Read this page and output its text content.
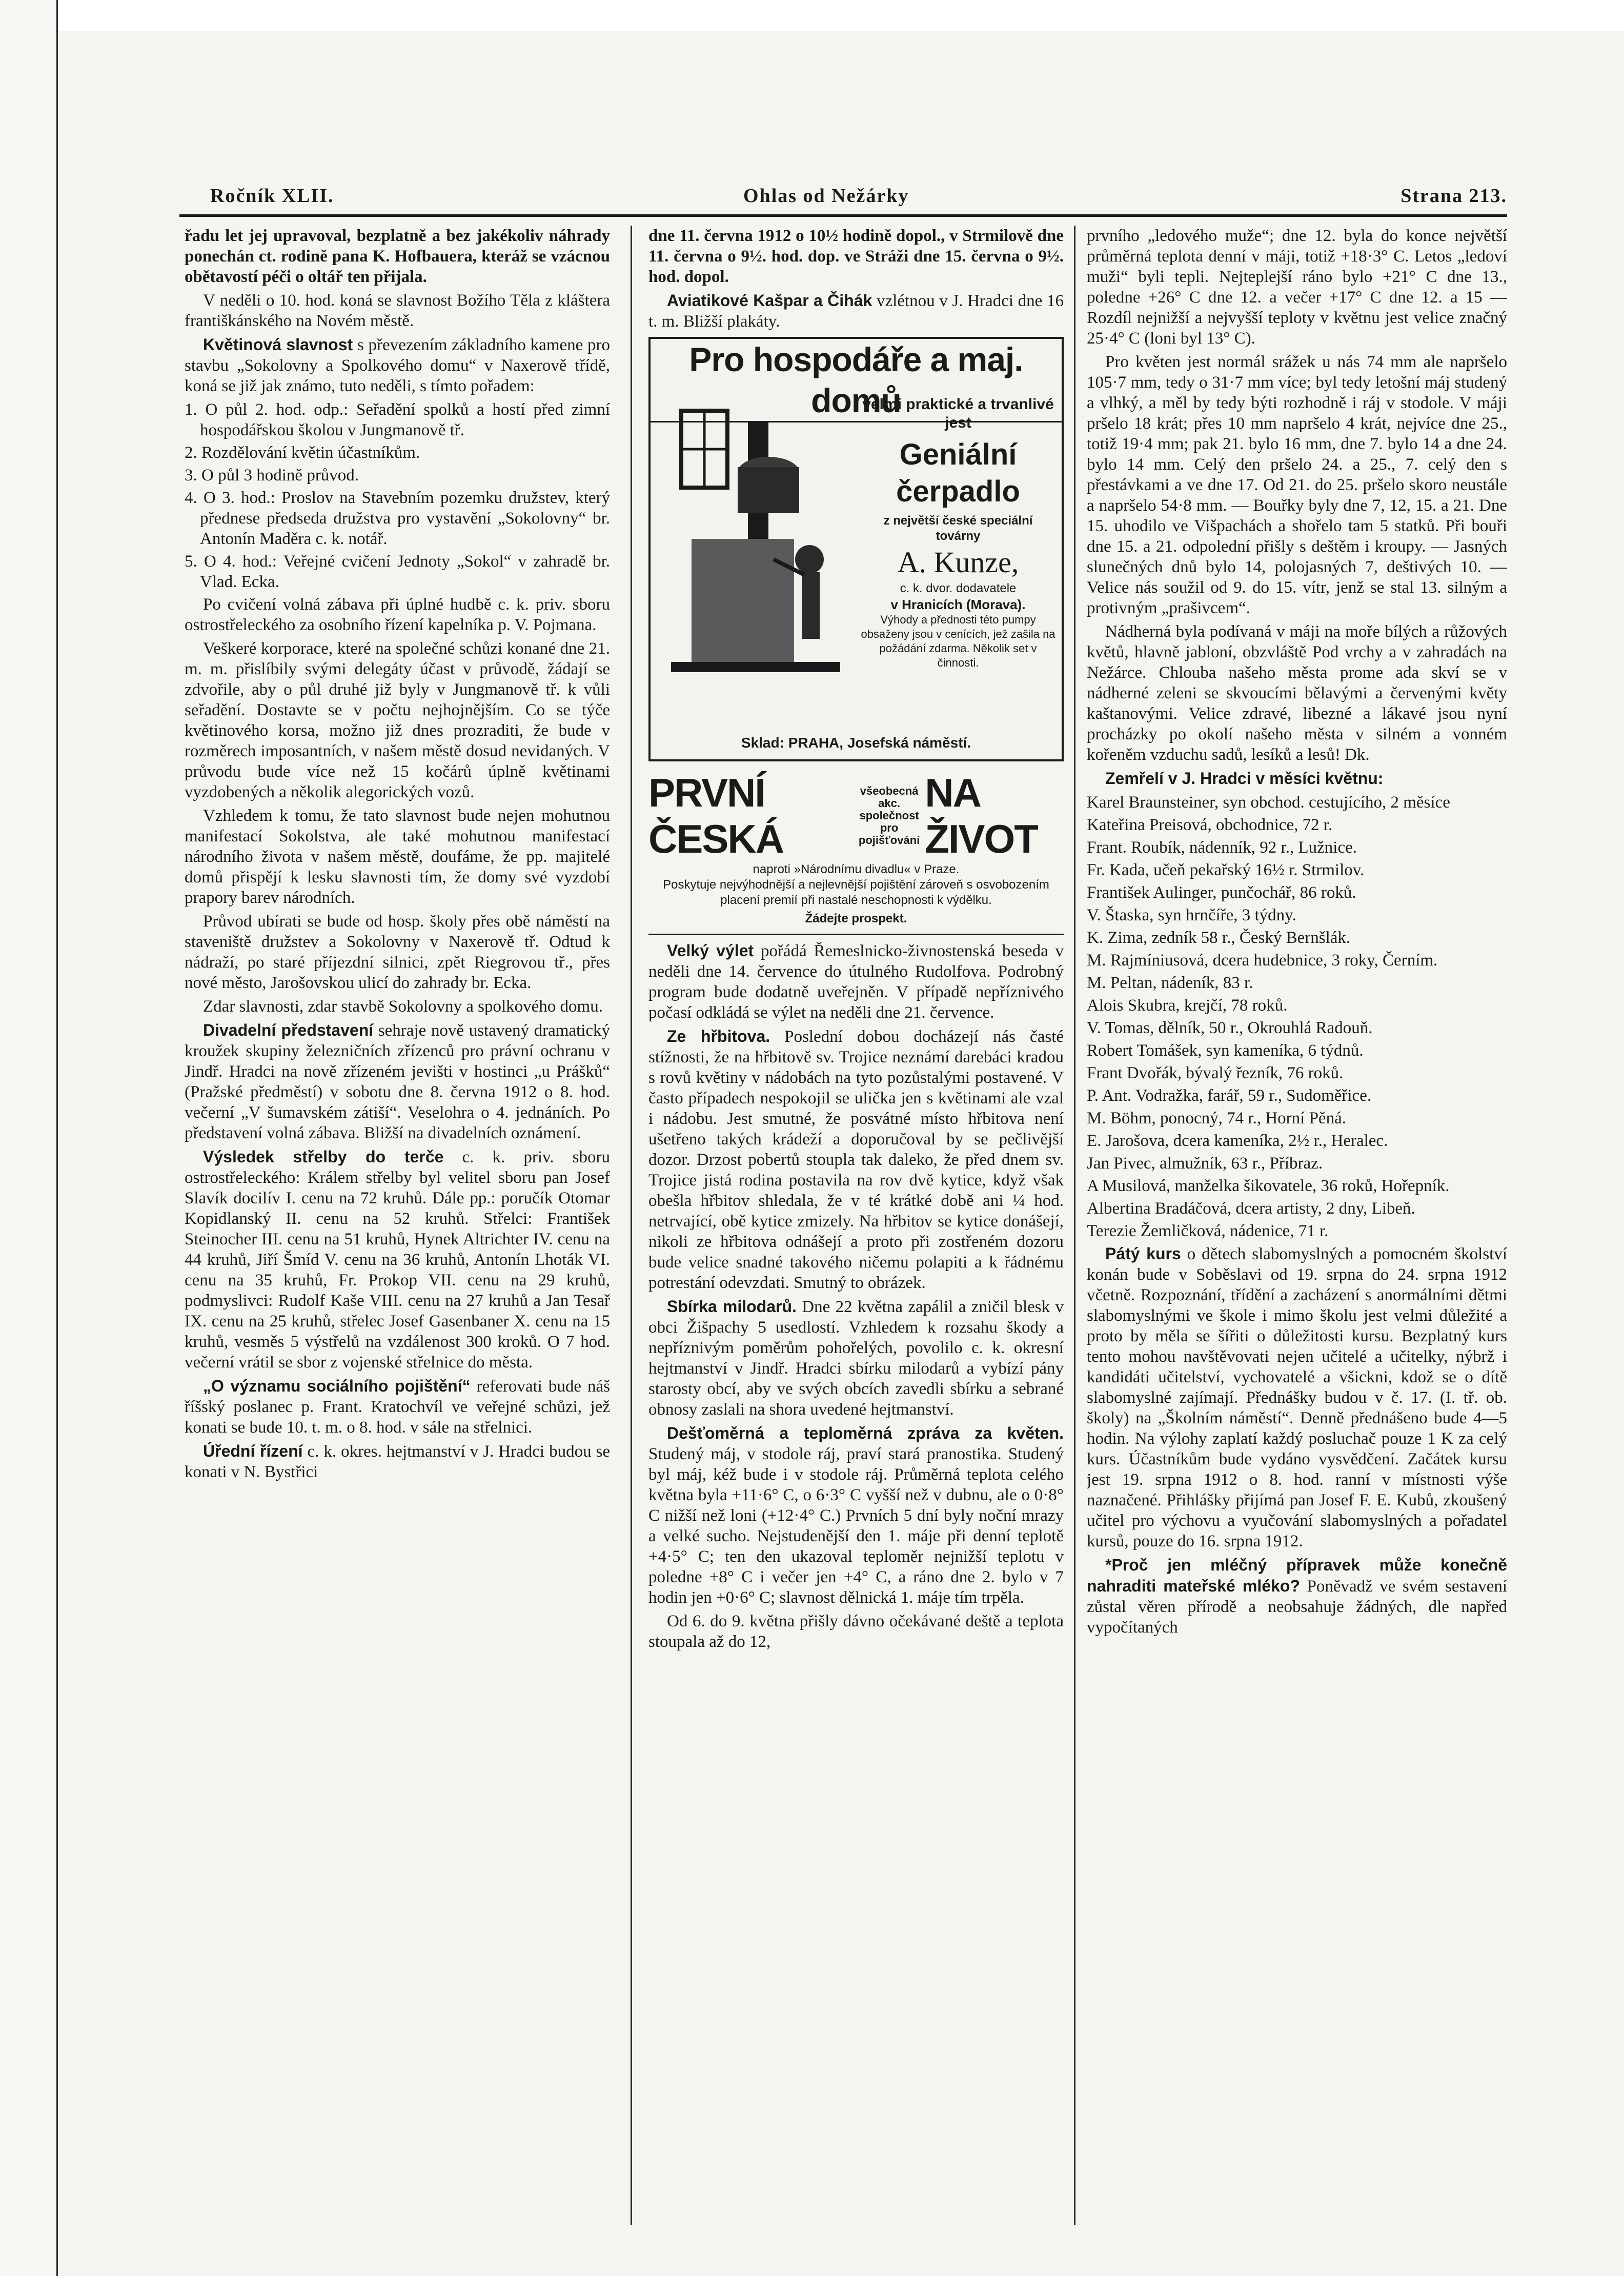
Ročník XLII.	Ohlas od Nežárky	Strana 213.

řadu let jej upravoval, bezplatně a bez jakékoliv náhrady ponechán ct. rodině pana K. Hofbauera, kteráž se vzácnou obětavostí péči o oltář ten přijala.

V neděli o 10. hod. koná se slavnost Božího Těla z kláštera františkánského na Novém městě.

Květinová slavnost s převezením základního kamene pro stavbu „Sokolovny a Spolkového domu“ v Naxerově třídě, koná se již jak známo, tuto neděli, s tímto pořadem:

1. O půl 2. hod. odp.: Seřadění spolků a hostí před zimní hospodářskou školou v Jungmanově tř.
2. Rozdělování květin účastníkům.
3. O půl 3 hodině průvod.
4. O 3. hod.: Proslov na Stavebním pozemku družstev, který přednese předseda družstva pro vystavění „Sokolovny“ br. Antonín Maděra c. k. notář.
5. O 4. hod.: Veřejné cvičení Jednoty „Sokol“ v zahradě br. Vlad. Ecka.

Po cvičení volná zábava při úplné hudbě c. k. priv. sboru ostrostřeleckého za osobního řízení kapelníka p. V. Pojmana.

Veškeré korporace, které na společné schůzi konané dne 21. m. m. přislíbily svými delegáty účast v průvodě, žádají se zdvořile, aby o půl druhé již byly v Jungmanově tř. k vůli seřadění. Dostavte se v počtu nejhojnějším. Co se týče květinového korsa, možno již dnes prozraditi, že bude v rozměrech imposantních, v našem městě dosud nevidaných. V průvodu bude více než 15 kočárů úplně květinami vyzdobených a několik alegorických vozů.

Vzhledem k tomu, že tato slavnost bude nejen mohutnou manifestací Sokolstva, ale také mohutnou manifestací národního života v našem městě, doufáme, že pp. majitelé domů přispějí k lesku slavnosti tím, že domy své vyzdobí prapory barev národních.

Průvod ubírati se bude od hosp. školy přes obě náměstí na staveniště družstev a Sokolovny v Naxerově tř. Odtud k nádraží, po staré příjezdní silnici, zpět Riegrovou tř., přes nové město, Jarošovskou ulicí do zahrady br. Ecka.

Zdar slavnosti, zdar stavbě Sokolovny a spolkového domu.

Divadelní představení sehraje nově ustavený dramatický kroužek skupiny železničních zřízenců pro právní ochranu v Jindř. Hradci na nově zřízeném jevišti v hostinci „u Prášků“ (Pražské předměstí) v sobotu dne 8. června 1912 o 8. hod. večerní „V šumavském zátiší“. Veselohra o 4. jednáních. Po představení volná zábava. Bližší na divadelních oznámení.

Výsledek střelby do terče c. k. priv. sboru ostrostřeleckého: Králem střelby byl velitel sboru pan Josef Slavík docilív I. cenu na 72 kruhů. Dále pp.: poručík Otomar Kopidlanský II. cenu na 52 kruhů. Střelci: František Steinocher III. cenu na 51 kruhů, Hynek Altrichter IV. cenu na 44 kruhů, Jiří Šmíd V. cenu na 36 kruhů, Antonín Lhoták VI. cenu na 35 kruhů, Fr. Prokop VII. cenu na 29 kruhů, podmyslivci: Rudolf Kaše VIII. cenu na 27 kruhů a Jan Tesař IX. cenu na 25 kruhů, střelec Josef Gasenbaner X. cenu na 15 kruhů, vesměs 5 výstřelů na vzdálenost 300 kroků. O 7 hod. večerní vrátil se sbor z vojenské střelnice do města.

„O významu sociálního pojištění“ referovati bude náš říšský poslanec p. Frant. Kratochvíl ve veřejné schůzi, jež konati se bude 10. t. m. o 8. hod. v sále na střelnici.

Úřední řízení c. k. okres. hejtmanství v J. Hradci budou se konati v N. Bystřici

dne 11. června 1912 o 10½ hodině dopol., v Strmilově dne 11. června o 9½. hod. dop. ve Stráži dne 15. června o 9½. hod. dopol.

Aviatikové Kašpar a Čihák vzlétnou v J. Hradci dne 16 t. m. Bližší plakáty.

Pro hospodáře a maj. domů
velmi praktické a trvanlivé jest
Geniální
čerpadlo
z největší české speciální továrny
A. Kunze,
c. k. dvor. dodavatele
v Hranicích (Morava).
Výhody a přednosti této pumpy obsaženy jsou v cenících, jež zašila na požádání zdarma. Několik set v činnosti.
Sklad: PRAHA, Josefská náměstí.
PRVNÍ ČESKÁ
všeobecná akc. společnost pro pojišťování
NA ŽIVOT
naproti »Národnímu divadlu« v Praze.
Poskytuje nejvýhodnější a nejlevnější pojištění zároveň s osvobozením placení premií při nastalé neschopnosti k výdělku.
Žádejte prospekt.

Velký výlet pořádá Řemeslnicko-živnostenská beseda v neděli dne 14. července do útulného Rudolfova. Podrobný program bude dodatně uveřejněn. V případě nepříznivého počasí odkládá se výlet na neděli dne 21. července.

Ze hřbitova. Poslední dobou docházejí nás časté stížnosti, že na hřbitově sv. Trojice neznámí darebáci kradou s rovů květiny v nádobách na tyto pozůstalými postavené. V často případech nespokojil se ulička jen s květinami ale vzal i nádobu. Jest smutné, že posvátné místo hřbitova není ušetřeno takých krádeží a doporučoval by se pečlivější dozor. Drzost pobertů stoupla tak daleko, že před dnem sv. Trojice jistá rodina postavila na rov dvě kytice, když však obešla hřbitov shledala, že v té krátké době ani ¼ hod. netrvající, obě kytice zmizely. Na hřbitov se kytice donášejí, nikoli ze hřbitova odnášejí a proto při zostřeném dozoru bude velice snadné takového ničemu polapiti a k řádnému potrestání odevzdati. Smutný to obrázek.

Sbírka milodarů. Dne 22 května zapálil a zničil blesk v obci Žišpachy 5 usedlostí. Vzhledem k rozsahu škody a nepříznivým poměrům pohořelých, povolilo c. k. okresní hejtmanství v Jindř. Hradci sbírku milodarů a vybízí pány starosty obcí, aby ve svých obcích zavedli sbírku a sebrané obnosy zaslali na shora uvedené hejtmanství.

Dešťoměrná a teploměrná zpráva za květen. Studený máj, v stodole ráj, praví stará pranostika. Studený byl máj, kéž bude i v stodole ráj. Průměrná teplota celého května byla +11·6° C, o 6·3° C vyšší než v dubnu, ale o 0·8° C nižší než loni (+12·4° C.) Prvních 5 dní byly noční mrazy a velké sucho. Nejstudenější den 1. máje při denní teplotě +4·5° C; ten den ukazoval teploměr nejnižší teplotu v poledne +8° C i večer jen +4° C, a ráno dne 2. bylo v 7 hodin jen +0·6° C; slavnost dělnická 1. máje tím trpěla.

Od 6. do 9. května přišly dávno očekávané deště a teplota stoupala až do 12,

prvního „ledového muže“; dne 12. byla do konce největší průměrná teplota denní v máji, totiž +18·3° C. Letos „ledoví muži“ byli tepli. Nejteplejší ráno bylo +21° C dne 13., poledne +26° C dne 12. a večer +17° C dne 12. a 15 — Rozdíl nejnižší a nejvyšší teploty v květnu jest velice značný 25·4° C (loni byl 13° C).

Pro květen jest normál srážek u nás 74 mm ale napršelo 105·7 mm, tedy o 31·7 mm více; byl tedy letošní máj studený a vlhký, a měl by tedy býti rozhodně i ráj v stodole. V máji pršelo 18 krát; přes 10 mm napršelo 4 krát, nejvíce dne 25., totiž 19·4 mm; pak 21. bylo 16 mm, dne 7. bylo 14 a dne 24. bylo 14 mm. Celý den pršelo 24. a 25., 7. celý den s přestávkami a ve dne 17. Od 21. do 25. pršelo skoro neustále a napršelo 54·8 mm. — Bouřky byly dne 7, 12, 15. a 21. Dne 15. uhodilo ve Višpachách a shořelo tam 5 statků. Při bouři dne 15. a 21. odpolední přišly s deštěm i kroupy. — Jasných slunečných dnů bylo 14, polojasných 7, deštivých 10. — Velice nás soužil od 9. do 15. vítr, jenž se stal 13. silným a protivným „prašivcem“.

Nádherná byla podívaná v máji na moře bílých a růžových květů, hlavně jabloní, obzvláště Pod vrchy a v zahradách na Nežárce. Chlouba našeho města prome ada skví se v nádherné zeleni se skvoucími bělavými a červenými květy kaštanovými. Velice zdravé, libezné a lákavé jsou nyní procházky po okolí našeho města v silném a vonném kořeněm vzduchu sadů, lesíků a lesů! Dk.

Zemřelí v J. Hradci v měsíci květnu:

Karel Braunsteiner, syn obchod. cestujícího, 2 měsíce
Kateřina Preisová, obchodnice, 72 r.
Frant. Roubík, nádenník, 92 r., Lužnice.
Fr. Kada, učeň pekařský 16½ r. Strmilov.
František Aulinger, punčochář, 86 roků.
V. Štaska, syn hrnčíře, 3 týdny.
K. Zima, zedník 58 r., Český Bernšlák.
M. Rajmíniusová, dcera hudebnice, 3 roky, Černím.
M. Peltan, nádeník, 83 r.
Alois Skubra, krejčí, 78 roků.
V. Tomas, dělník, 50 r., Okrouhlá Radouň.
Robert Tomášek, syn kameníka, 6 týdnů.
Frant Dvořák, bývalý řezník, 76 roků.
P. Ant. Vodražka, farář, 59 r., Sudoměřice.
M. Böhm, ponocný, 74 r., Horní Pěná.
E. Jarošova, dcera kameníka, 2½ r., Heralec.
Jan Pivec, almužník, 63 r., Příbraz.
A Musilová, manželka šikovatele, 36 roků, Hořepník.
Albertina Bradáčová, dcera artisty, 2 dny, Libeň.
Terezie Žemličková, nádenice, 71 r.

Pátý kurs o dětech slabomyslných a pomocném školství konán bude v Soběslavi od 19. srpna do 24. srpna 1912 včetně. Rozpoznání, třídění a zacházení s anormálními dětmi slabomyslnými ve škole i mimo školu jest velmi důležité a proto by měla se šířiti o důležitosti kursu. Bezplatný kurs tento mohou navštěvovati nejen učitelé a učitelky, nýbrž i kandidáti učitelství, vychovatelé a všickni, kdož se o dítě slabomyslné zajímají. Přednášky budou v č. 17. (I. tř. ob. školy) na „Školním náměstí“. Denně přednášeno bude 4—5 hodin. Na výlohy zaplatí každý posluchač pouze 1 K za celý kurs. Účastníkům bude vydáno vysvědčení. Začátek kursu jest 19. srpna 1912 o 8. hod. ranní v místnosti výše naznačené. Přihlášky přijímá pan Josef F. E. Kubů, zkoušený učitel pro výchovu a vyučování slabomyslných a pořadatel kursů, pouze do 16. srpna 1912.

*Proč jen mléčný přípravek může konečně nahraditi mateřské mléko? Poněvadž ve svém sestavení zůstal věren přírodě a neobsahuje žádných, dle napřed vypočítaných
